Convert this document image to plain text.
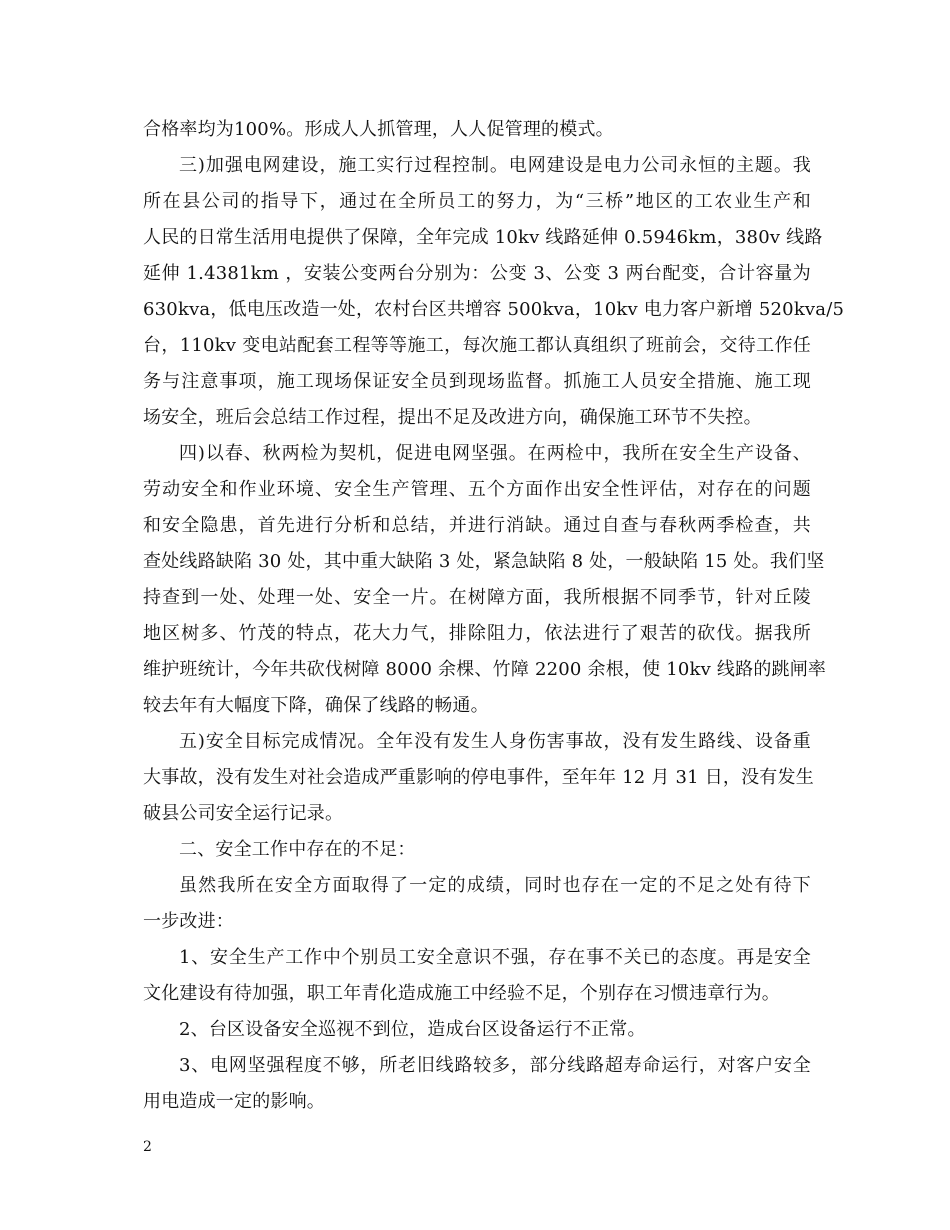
合格率均为100%。形成人人抓管理，人人促管理的模式。
三)加强电网建设，施工实行过程控制。电网建设是电力公司永恒的主题。我
所在县公司的指导下，通过在全所员工的努力，为“三桥”地区的工农业生产和
人民的日常生活用电提供了保障，全年完成 10kv 线路延伸 0.5946km，380v 线路
延伸 1.4381km ，安装公变两台分别为：公变 3、公变 3 两台配变，合计容量为
630kva，低电压改造一处，农村台区共增容 500kva，10kv 电力客户新增 520kva/5
台，110kv 变电站配套工程等等施工，每次施工都认真组织了班前会，交待工作任
务与注意事项，施工现场保证安全员到现场监督。抓施工人员安全措施、施工现
场安全，班后会总结工作过程，提出不足及改进方向，确保施工环节不失控。
四)以春、秋两检为契机，促进电网坚强。在两检中，我所在安全生产设备、
劳动安全和作业环境、安全生产管理、五个方面作出安全性评估，对存在的问题
和安全隐患，首先进行分析和总结，并进行消缺。通过自查与春秋两季检查，共
查处线路缺陷 30 处，其中重大缺陷 3 处，紧急缺陷 8 处，一般缺陷 15 处。我们坚
持查到一处、处理一处、安全一片。在树障方面，我所根据不同季节，针对丘陵
地区树多、竹茂的特点，花大力气，排除阻力，依法进行了艰苦的砍伐。据我所
维护班统计，今年共砍伐树障 8000 余棵、竹障 2200 余根，使 10kv 线路的跳闸率
较去年有大幅度下降，确保了线路的畅通。
五)安全目标完成情况。全年没有发生人身伤害事故，没有发生路线、设备重
大事故，没有发生对社会造成严重影响的停电事件，至年年 12 月 31 日，没有发生
破县公司安全运行记录。
二、安全工作中存在的不足：
虽然我所在安全方面取得了一定的成绩，同时也存在一定的不足之处有待下
一步改进：
1、安全生产工作中个别员工安全意识不强，存在事不关已的态度。再是安全
文化建设有待加强，职工年青化造成施工中经验不足，个别存在习惯违章行为。
2、台区设备安全巡视不到位，造成台区设备运行不正常。
3、电网坚强程度不够，所老旧线路较多，部分线路超寿命运行，对客户安全
用电造成一定的影响。
2
